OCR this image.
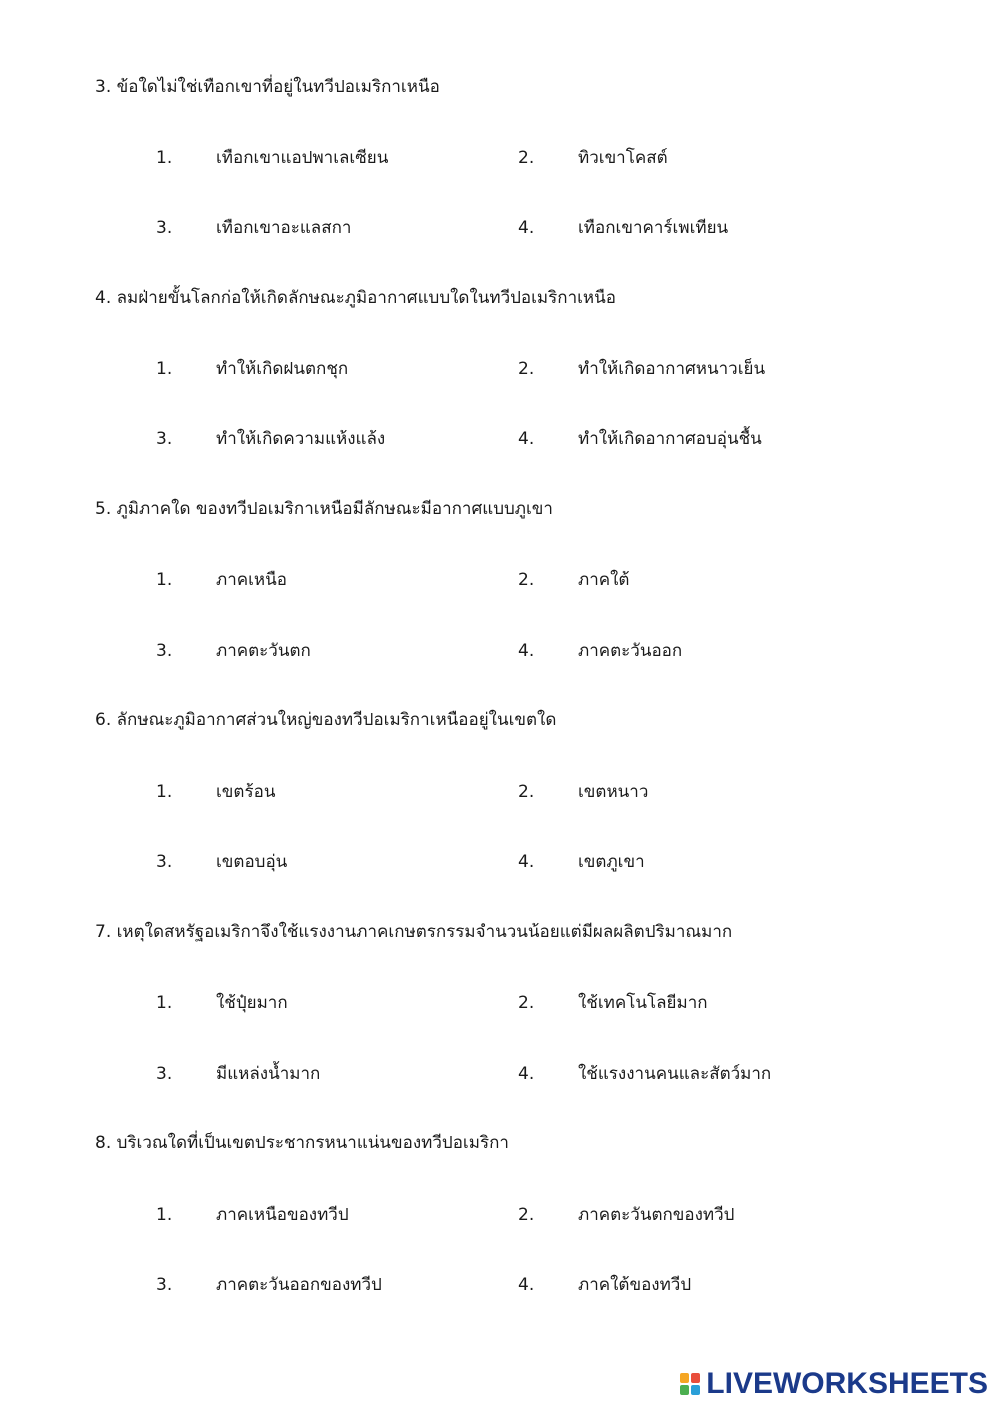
3. ข้อใดไม่ใช่เทือกเขาที่อยู่ในทวีปอเมริกาเหนือ
1.	เทือกเขาแอปพาเลเซียน	2.	ทิวเขาโคสต์
3.	เทือกเขาอะแลสกา	4.	เทือกเขาคาร์เพเทียน
4. ลมฝ่ายขั้นโลกก่อให้เกิดลักษณะภูมิอากาศแบบใดในทวีปอเมริกาเหนือ
1.	ทำให้เกิดฝนตกชุก	2.	ทำให้เกิดอากาศหนาวเย็น
3.	ทำให้เกิดความแห้งแล้ง	4.	ทำให้เกิดอากาศอบอุ่นชื้น
5. ภูมิภาคใด ของทวีปอเมริกาเหนือมีลักษณะมีอากาศแบบภูเขา
1.	ภาคเหนือ	2.	ภาคใต้
3.	ภาคตะวันตก	4.	ภาคตะวันออก
6. ลักษณะภูมิอากาศส่วนใหญ่ของทวีปอเมริกาเหนืออยู่ในเขตใด
1.	เขตร้อน	2.	เขตหนาว
3.	เขตอบอุ่น	4.	เขตภูเขา
7. เหตุใดสหรัฐอเมริกาจึงใช้แรงงานภาคเกษตรกรรมจำนวนน้อยแต่มีผลผลิตปริมาณมาก
1.	ใช้ปุ๋ยมาก	2.	ใช้เทคโนโลยีมาก
3.	มีแหล่งน้ำมาก	4.	ใช้แรงงานคนและสัตว์มาก
8. บริเวณใดที่เป็นเขตประชากรหนาแน่นของทวีปอเมริกา
1.	ภาคเหนือของทวีป	2.	ภาคตะวันตกของทวีป
3.	ภาคตะวันออกของทวีป	4.	ภาคใต้ของทวีป
LIVEWORKSHEETS
